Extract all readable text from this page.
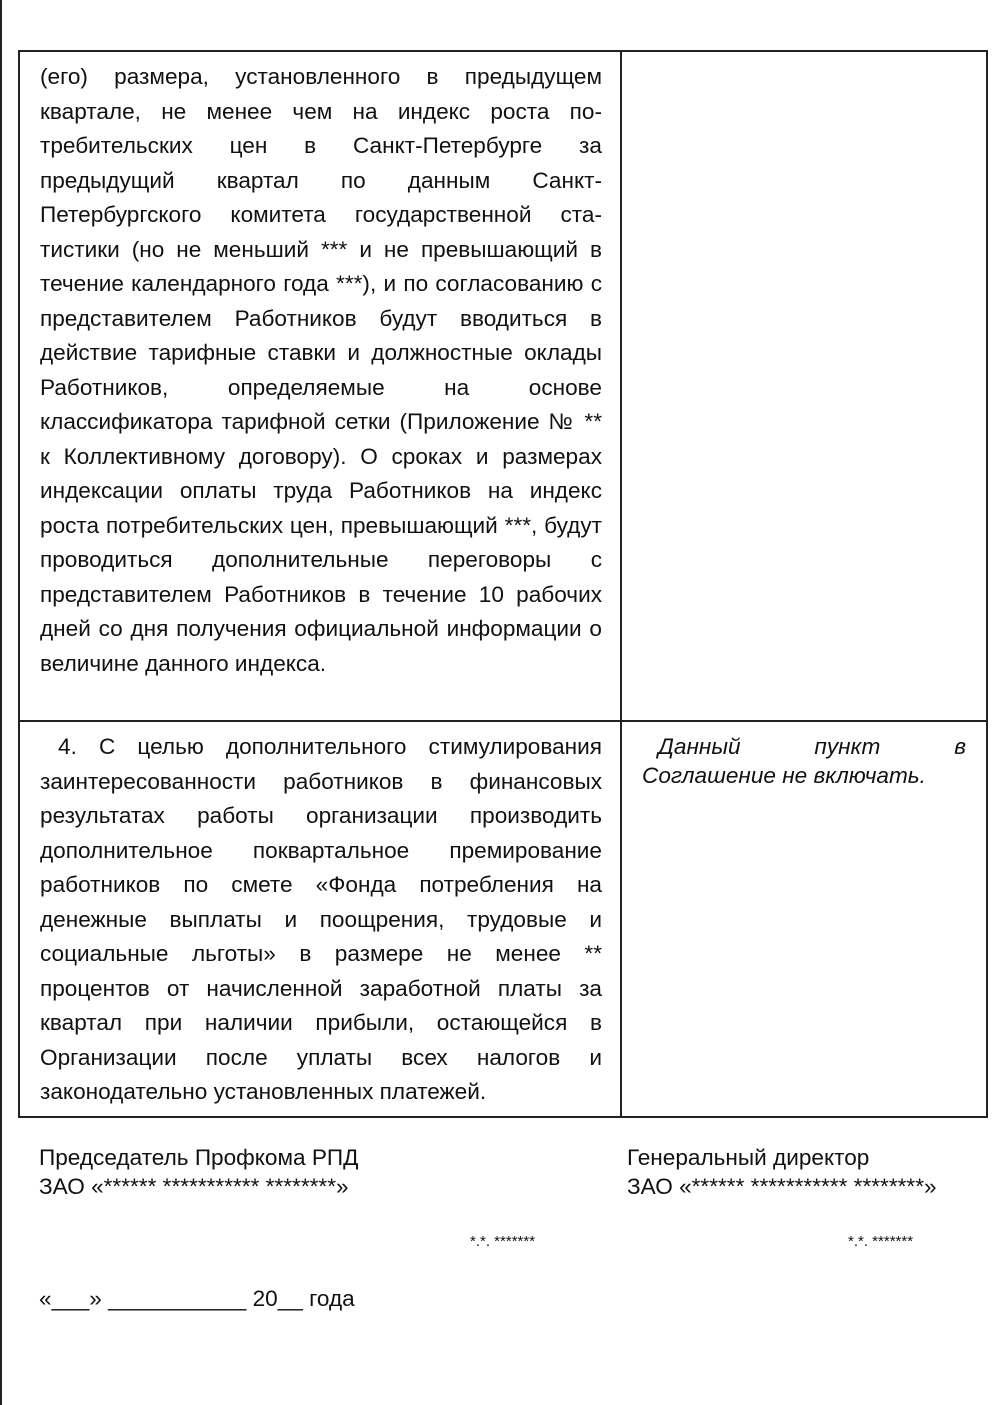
(его) размера, установленного в предыдущем квартале, не менее чем на индекс роста потребительских цен в Санкт-Петербурге за предыдущий квартал по данным Санкт-Петербургского комитета государственной статистики (но не меньший *** и не превышающий в течение календарного года ***), и по согласованию с представителем Работников будут вводиться в действие тарифные ставки и должностные оклады Работников, определяемые на основе классификатора тарифной сетки (Приложение № ** к Коллективному договору). О сроках и размерах индексации оплаты труда Работников на индекс роста потребительских цен, превышающий ***, будут проводиться дополнительные переговоры с представителем Работников в течение 10 рабочих дней со дня получения официальной информации о величине данного индекса.	

4. С целью дополнительного стимулирования заинтересованности работников в финансовых результатах работы организации производить дополнительное поквартальное премирование работников по смете «Фонда потребления на денежные выплаты и поощрения, трудовые и социальные льготы» в размере не менее ** процентов от начисленной заработной платы за квартал при наличии прибыли, остающейся в Организации после уплаты всех налогов и законодательно установленных платежей.	Данный пункт в
Соглашение не включать.
Председатель Профкома РПД
ЗАО «****** *********** ********»
Генеральный директор
ЗАО «****** *********** ********»
*.*. *******	*.*. *******
«___» ___________ 20__ года
